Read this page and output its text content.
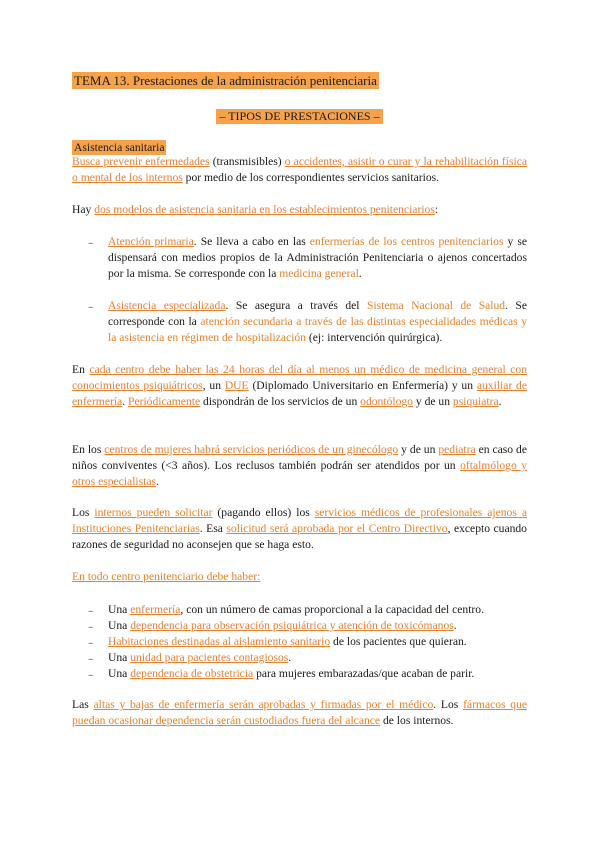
TEMA 13. Prestaciones de la administración penitenciaria
– TIPOS DE PRESTACIONES –
Asistencia sanitaria

Busca prevenir enfermedades (transmisibles) o accidentes, asistir o curar y la rehabilitación física o mental de los internos por medio de los correspondientes servicios sanitarios.

Hay dos modelos de asistencia sanitaria en los establecimientos penitenciarios:

- Atención primaria. Se lleva a cabo en las enfermerías de los centros penitenciarios y se dispensará con medios propios de la Administración Penitenciaria o ajenos concertados por la misma. Se corresponde con la medicina general.

- Asistencia especializada. Se asegura a través del Sistema Nacional de Salud. Se corresponde con la atención secundaria a través de las distintas especialidades médicas y la asistencia en régimen de hospitalización (ej: intervención quirúrgica).

En cada centro debe haber las 24 horas del día al menos un médico de medicina general con conocimientos psiquiátricos, un DUE (Diplomado Universitario en Enfermería) y un auxiliar de enfermería. Periódicamente dispondrán de los servicios de un odontólogo y de un psiquiatra.

En los centros de mujeres habrá servicios periódicos de un ginecólogo y de un pediatra en caso de niños conviventes (<3 años). Los reclusos también podrán ser atendidos por un oftalmólogo y otros especialistas.

Los internos pueden solicitar (pagando ellos) los servicios médicos de profesionales ajenos a Instituciones Penitenciarias. Esa solicitud será aprobada por el Centro Directivo, excepto cuando razones de seguridad no aconsejen que se haga esto.

En todo centro penitenciario debe haber:

- Una enfermería, con un número de camas proporcional a la capacidad del centro.

- Una dependencia para observación psiquiátrica y atención de toxicómanos.

- Habitaciones destinadas al aislamiento sanitario de los pacientes que quieran.

- Una unidad para pacientes contagiosos.

- Una dependencia de obstetricia para mujeres embarazadas/que acaban de parir.

Las altas y bajas de enfermería serán aprobadas y firmadas por el médico. Los fármacos que puedan ocasionar dependencia serán custodiados fuera del alcance de los internos.
